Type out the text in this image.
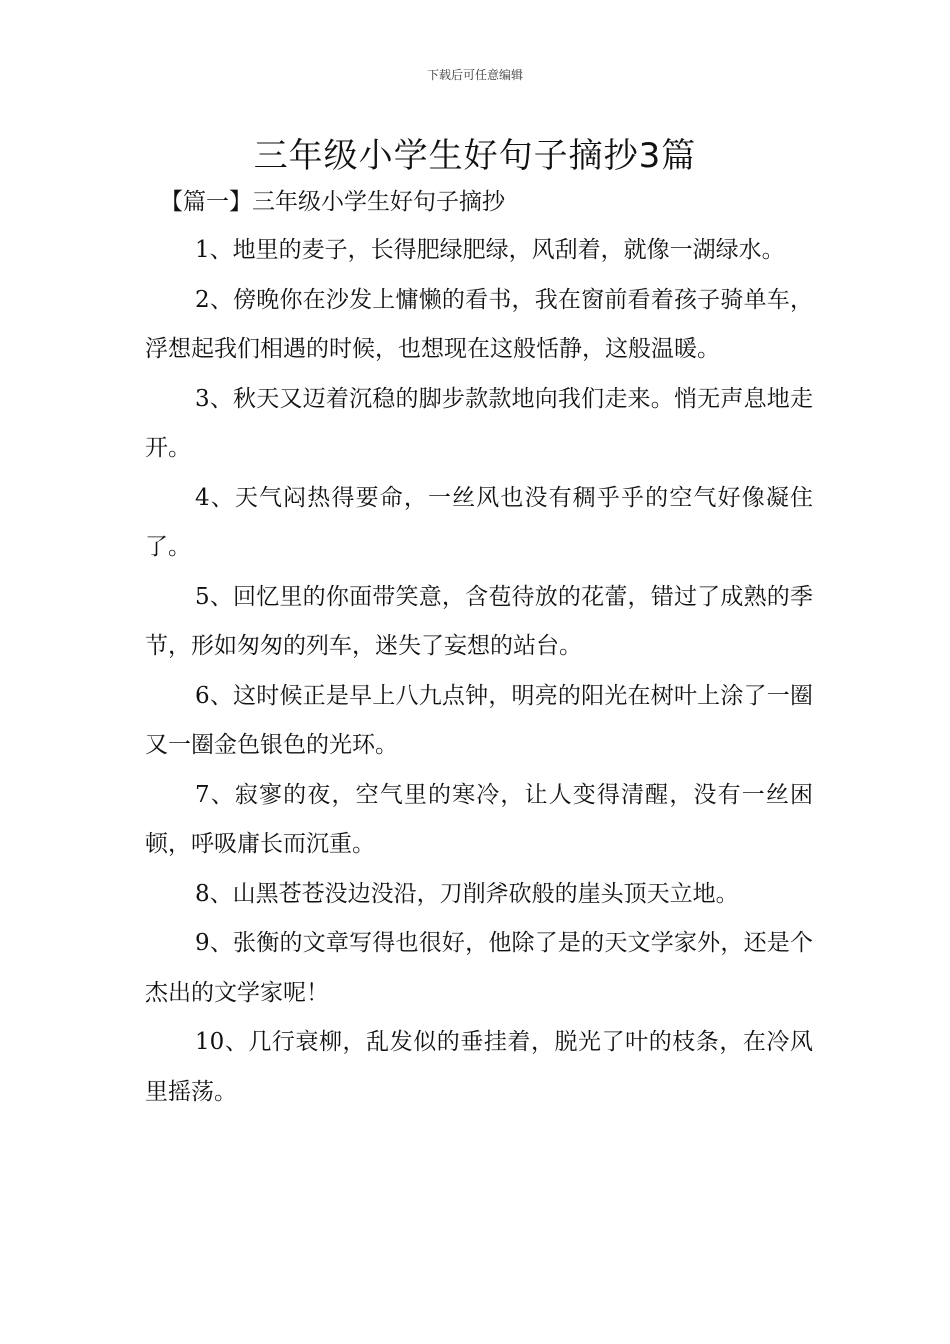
下载后可任意编辑
三年级小学生好句子摘抄3篇
【篇一】三年级小学生好句子摘抄

1、地里的麦子，长得肥绿肥绿，风刮着，就像一湖绿水。

2、傍晚你在沙发上慵懒的看书，我在窗前看着孩子骑单车，浮想起我们相遇的时候，也想现在这般恬静，这般温暖。

3、秋天又迈着沉稳的脚步款款地向我们走来。悄无声息地走开。

4、天气闷热得要命，一丝风也没有稠乎乎的空气好像凝住了。

5、回忆里的你面带笑意，含苞待放的花蕾，错过了成熟的季节，形如匆匆的列车，迷失了妄想的站台。

6、这时候正是早上八九点钟，明亮的阳光在树叶上涂了一圈又一圈金色银色的光环。

7、寂寥的夜，空气里的寒冷，让人变得清醒，没有一丝困顿，呼吸庸长而沉重。

8、山黑苍苍没边没沿，刀削斧砍般的崖头顶天立地。

9、张衡的文章写得也很好，他除了是的天文学家外，还是个杰出的文学家呢！

10、几行衰柳，乱发似的垂挂着，脱光了叶的枝条，在冷风里摇荡。
